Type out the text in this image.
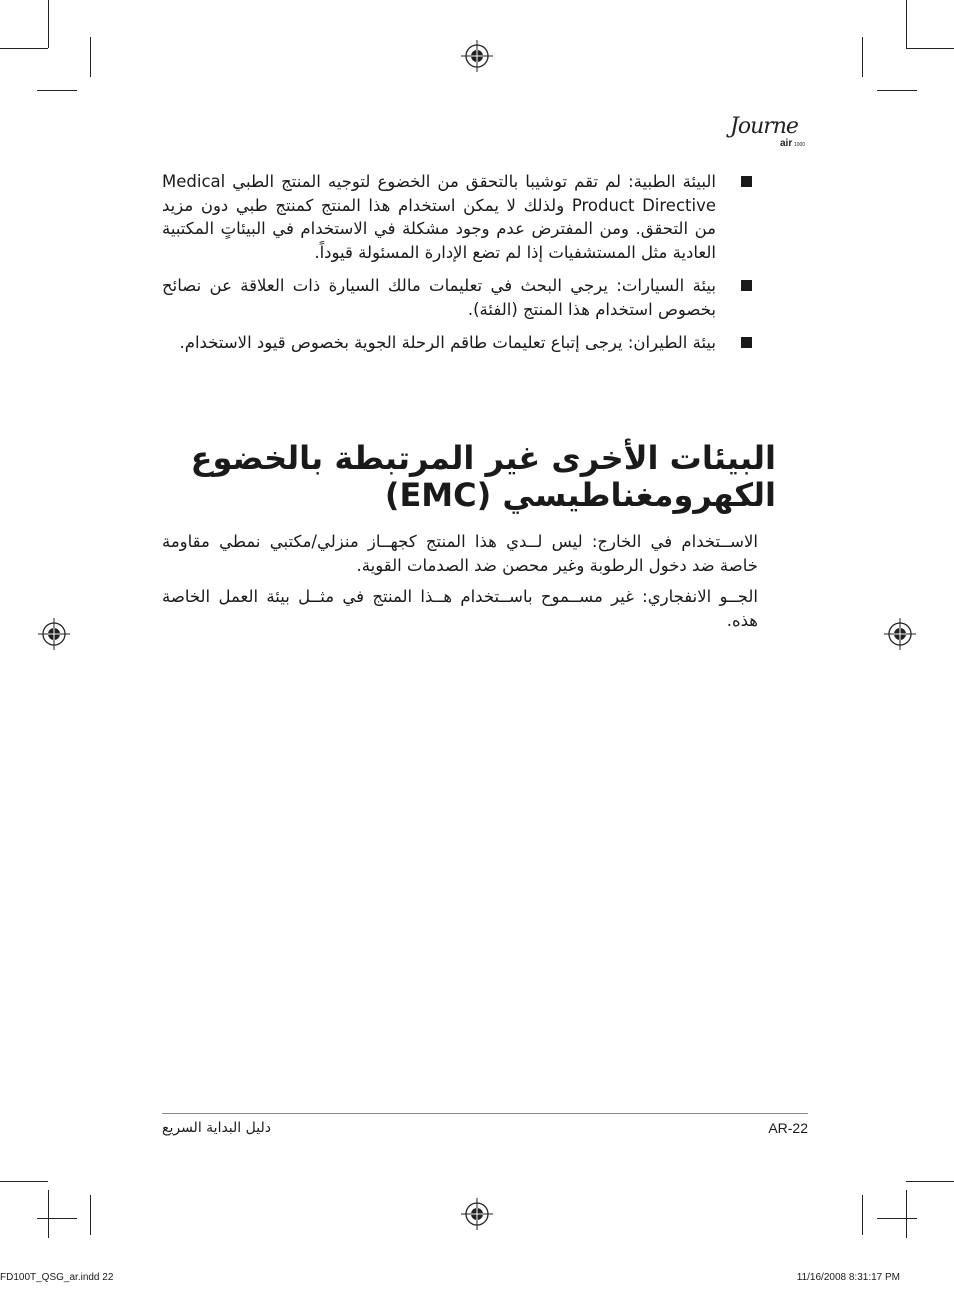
Journe
air 1000
البيئة الطبية: لم تقم توشيبا بالتحقق من الخضوع لتوجيه المنتج الطبي Medical Product Directive ولذلك لا يمكن استخدام هذا المنتج كمنتج طبي دون مزيد من التحقق. ومن المفترض عدم وجود مشكلة في الاستخدام في البيئاتٍ المكتبية العادية مثل المستشفيات إذا لم تضع الإدارة المسئولة قيوداً.
بيئة السيارات: يرجي البحث في تعليمات مالك السيارة ذات العلاقة عن نصائح بخصوص استخدام هذا المنتج (الفئة).
بيئة الطيران: يرجى إتباع تعليمات طاقم الرحلة الجوية بخصوص قيود الاستخدام.
البيئات الأخرى غير المرتبطة بالخضوع
الكهرومغناطيسي (EMC)
الاســتخدام في الخارج: ليس لــدي هذا المنتج كجهــاز منزلي/مكتبي نمطي مقاومة خاصة ضد دخول الرطوبة وغير محصن ضد الصدمات القوية.
الجــو الانفجاري: غير مســموح باســتخدام هــذا المنتج في مثــل بيئة العمل الخاصة هذه.
دليل البداية السريع	AR-22
FD100T_QSG_ar.indd 22	11/16/2008 8:31:17 PM
